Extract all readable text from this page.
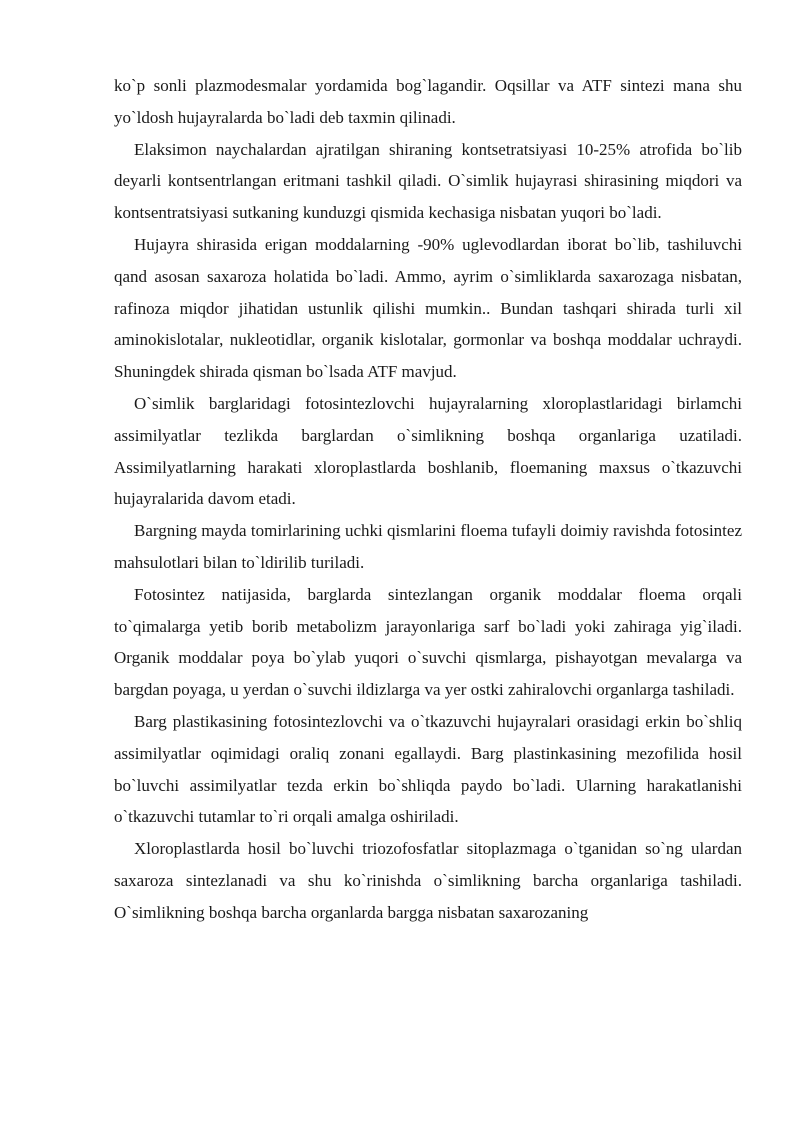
ko`p sonli plazmodesmalar yordamida bog`lagandir. Oqsillar va ATF sintezi mana shu yo`ldosh hujayralarda bo`ladi deb taxmin qilinadi.

Elaksimon naychalardan ajratilgan shiraning kontsetratsiyasi 10-25% atrofida bo`lib deyarli kontsentrlangan eritmani tashkil qiladi. O`simlik hujayrasi shirasining miqdori va kontsentratsiyasi sutkaning kunduzgi qismida kechasiga nisbatan yuqori bo`ladi.

Hujayra shirasida erigan moddalarning -90% uglevodlardan iborat bo`lib, tashiluvchi qand asosan saxaroza holatida bo`ladi. Ammo, ayrim o`simliklarda saxarozaga nisbatan, rafinoza miqdor jihatidan ustunlik qilishi mumkin.. Bundan tashqari shirada turli xil aminokislotalar, nukleotidlar, organik kislotalar, gormonlar va boshqa moddalar uchraydi. Shuningdek shirada qisman bo`lsada ATF mavjud.

O`simlik barglaridagi fotosintezlovchi hujayralarning xloroplastlaridagi birlamchi assimilyatlar tezlikda barglardan o`simlikning boshqa organlariga uzatiladi. Assimilyatlarning harakati xloroplastlarda boshlanib, floemaning maxsus o`tkazuvchi hujayralarida davom etadi.

Bargning mayda tomirlarining uchki qismlarini floema tufayli doimiy ravishda fotosintez mahsulotlari bilan to`ldirilib turiladi.

Fotosintez natijasida, barglarda sintezlangan organik moddalar floema orqali to`qimalarga yetib borib metabolizm jarayonlariga sarf bo`ladi yoki zahiraga yig`iladi. Organik moddalar poya bo`ylab yuqori o`suvchi qismlarga, pishayotgan mevalarga va bargdan poyaga, u yerdan o`suvchi ildizlarga va yer ostki zahiralovchi organlarga tashiladi.

Barg plastikasining fotosintezlovchi va o`tkazuvchi hujayralari orasidagi erkin bo`shliq assimilyatlar oqimidagi oraliq zonani egallaydi. Barg plastinkasining mezofilida hosil bo`luvchi assimilyatlar tezda erkin bo`shliqda paydo bo`ladi. Ularning harakatlanishi o`tkazuvchi tutamlar to`ri orqali amalga oshiriladi.

Xloroplastlarda hosil bo`luvchi triozofosfatlar sitoplazmaga o`tganidan so`ng ulardan saxaroza sintezlanadi va shu ko`rinishda o`simlikning barcha organlariga tashiladi. O`simlikning boshqa barcha organlarda bargga nisbatan saxarozaning
